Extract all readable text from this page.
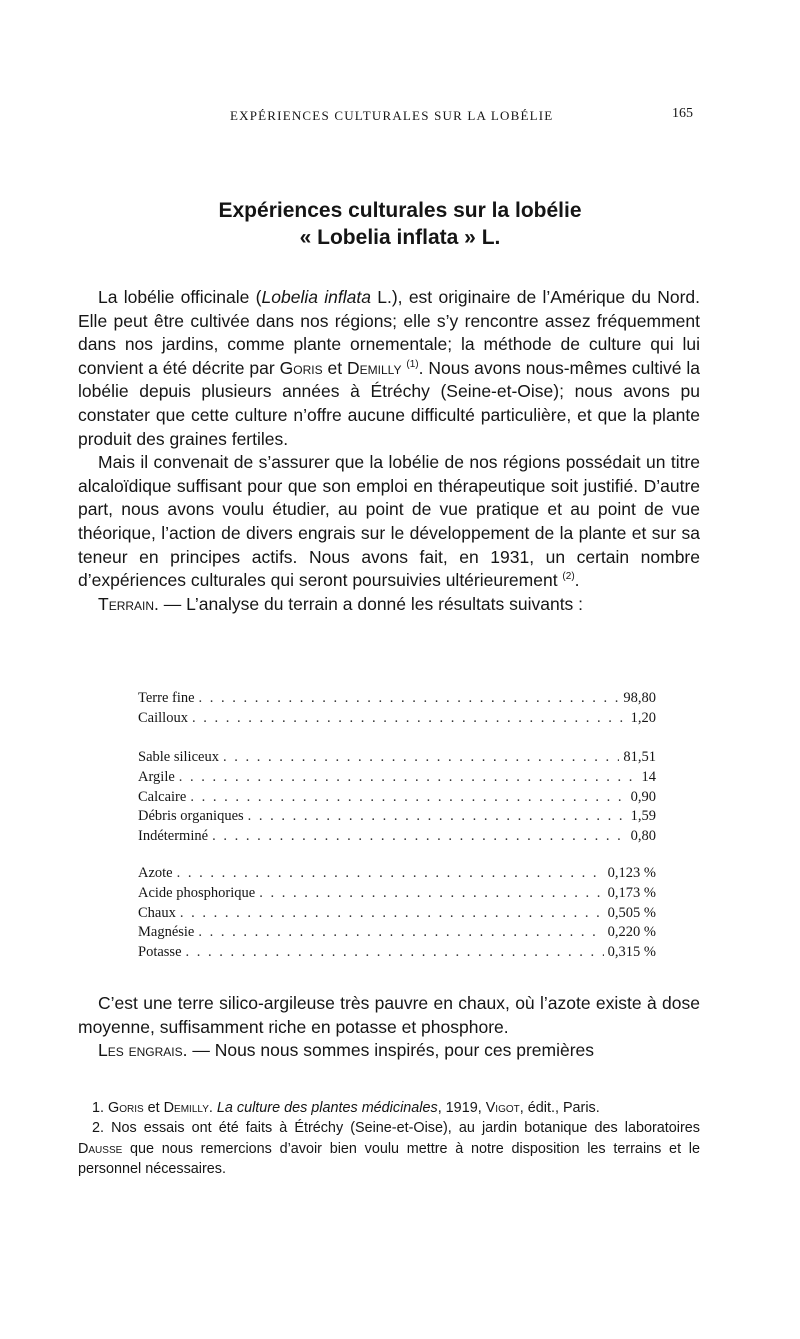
EXPÉRIENCES CULTURALES SUR LA LOBÉLIE	165
Expériences culturales sur la lobélie
« Lobelia inflata » L.

La lobélie officinale (Lobelia inflata L.), est originaire de l’Amérique du Nord. Elle peut être cultivée dans nos régions; elle s’y rencontre assez fréquemment dans nos jardins, comme plante ornementale; la méthode de culture qui lui convient a été décrite par Goris et Demilly $^{(1)}$. Nous avons nous-mêmes cultivé la lobélie depuis plusieurs années à Étréchy (Seine-et-Oise); nous avons pu constater que cette culture n’offre aucune difficulté particulière, et que la plante produit des graines fertiles.

Mais il convenait de s’assurer que la lobélie de nos régions possédait un titre alcaloïdique suffisant pour que son emploi en thérapeutique soit justifié. D’autre part, nous avons voulu étudier, au point de vue pratique et au point de vue théorique, l’action de divers engrais sur le développement de la plante et sur sa teneur en principes actifs. Nous avons fait, en 1931, un certain nombre d’expériences culturales qui seront poursuivies ultérieurement $^{(2)}$.

Terrain. — L’analyse du terrain a donné les résultats suivants :

Terre fine . . .	98,80
Cailloux . . .	1,20
Sable siliceux . . .	81,51
Argile . . .	14
Calcaire . . .	0,90
Débris organiques . . .	1,59
Indéterminé . . .	0,80
Azote . . .	0,123 %
Acide phosphorique . . .	0,173 %
Chaux . . .	0,505 %
Magnésie . . .	0,220 %
Potasse . . .	0,315 %

C’est une terre silico-argileuse très pauvre en chaux, où l’azote existe à dose moyenne, suffisamment riche en potasse et phosphore.

Les engrais. — Nous nous sommes inspirés, pour ces premières

1. Goris et Demilly. La culture des plantes médicinales, 1919, Vigot, édit., Paris.

2. Nos essais ont été faits à Étréchy (Seine-et-Oise), au jardin botanique des laboratoires Dausse que nous remercions d’avoir bien voulu mettre à notre disposition les terrains et le personnel nécessaires.
